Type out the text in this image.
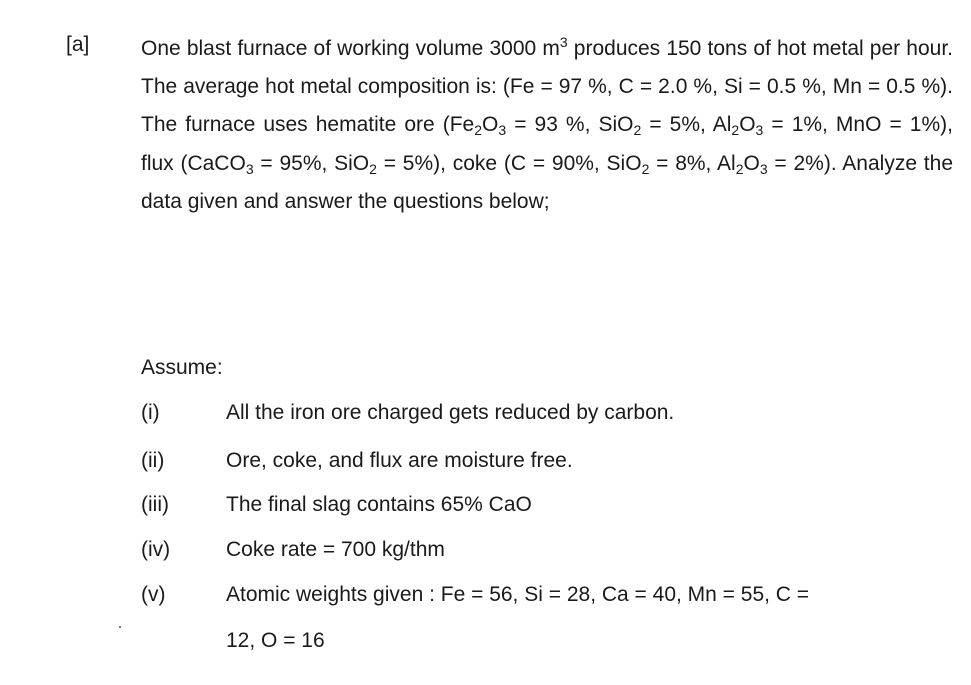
[a] One blast furnace of working volume 3000 $m^3$ produces 150 tons of hot metal per hour. The average hot metal composition is: (Fe = 97 %, C = 2.0 %, Si = 0.5 %, Mn = 0.5 %). The furnace uses hematite ore ($Fe_2O_3 = 93$ %, SiO$_2$ = 5%, $Al_2O_3 = 1\%$, MnO = 1%), flux (CaCO$_3$ = 95%, SiO$_2$ = 5%), coke (C = 90%, SiO$_2$ = 8%, $Al_2O_3 = 2\%$). Analyze the data given and answer the questions below;

Assume:
(i)	All the iron ore charged gets reduced by carbon.
(ii)	Ore, coke, and flux are moisture free.
(iii)	The final slag contains 65% CaO
(iv)	Coke rate = 700 kg/thm
(v)	Atomic weights given : Fe = 56, Si = 28, Ca = 40, Mn = 55, C =
12, O = 16
